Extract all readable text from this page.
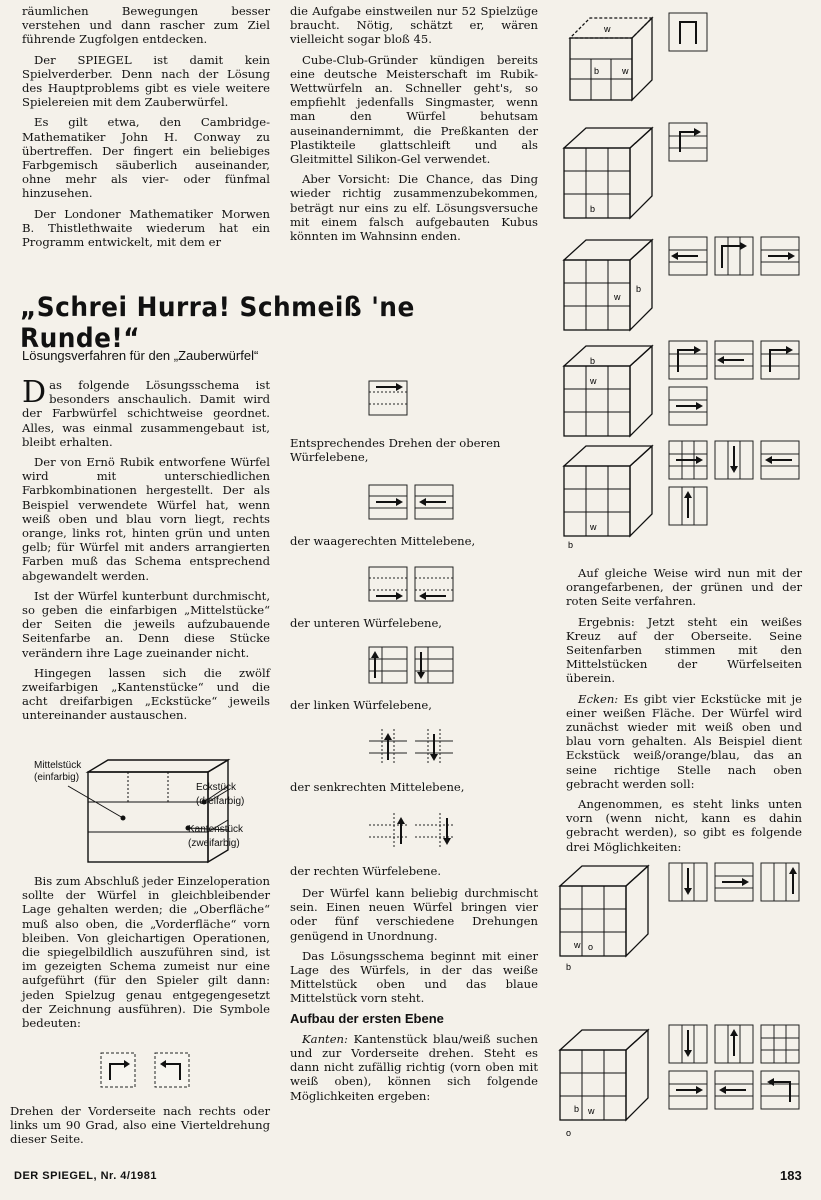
räumlichen Bewegungen besser verstehen und dann rascher zum Ziel führende Zugfolgen entdecken.

Der SPIEGEL ist damit kein Spielverderber. Denn nach der Lösung des Hauptproblems gibt es viele weitere Spielereien mit dem Zauberwürfel.

Es gilt etwa, den Cambridge-Mathematiker John H. Conway zu übertreffen. Der fingert ein beliebiges Farbgemisch säuberlich auseinander, ohne mehr als vier- oder fünfmal hinzusehen.

Der Londoner Mathematiker Morwen B. Thistlethwaite wiederum hat ein Programm entwickelt, mit dem er

die Aufgabe einstweilen nur 52 Spielzüge braucht. Nötig, schätzt er, wären vielleicht sogar bloß 45.

Cube-Club-Gründer kündigen bereits eine deutsche Meisterschaft im Rubik-Wettwürfeln an. Schneller geht's, so empfiehlt jedenfalls Singmaster, wenn man den Würfel behutsam auseinandernimmt, die Preßkanten der Plastikteile glattschleift und als Gleitmittel Silikon-Gel verwendet.

Aber Vorsicht: Die Chance, das Ding wieder richtig zusammenzubekommen, beträgt nur eins zu elf. Lösungsversuche mit einem falsch aufgebauten Kubus könnten im Wahnsinn enden.

„Schrei Hurra! Schmeiß 'ne Runde!“
Lösungsverfahren für den „Zauberwürfel“

Das folgende Lösungsschema ist besonders anschaulich. Damit wird der Farbwürfel schichtweise geordnet. Alles, was einmal zusammengebaut ist, bleibt erhalten.

Der von Ernö Rubik entworfene Würfel wird mit unterschiedlichen Farbkombinationen hergestellt. Der als Beispiel verwendete Würfel hat, wenn weiß oben und blau vorn liegt, rechts orange, links rot, hinten grün und unten gelb; für Würfel mit anders arrangierten Farben muß das Schema entsprechend abgewandelt werden.

Ist der Würfel kunterbunt durchmischt, so geben die einfarbigen „Mittelstücke“ der Seiten die jeweils aufzubauende Seitenfarbe an. Denn diese Stücke verändern ihre Lage zueinander nicht.

Hingegen lassen sich die zwölf zweifarbigen „Kantenstücke“ und die acht dreifarbigen „Eckstücke“ jeweils untereinander austauschen.

Mittelstück
(einfarbig)
Eckstück
(dreifarbig)
Kantenstück
(zweifarbig)

Bis zum Abschluß jeder Einzeloperation sollte der Würfel in gleichbleibender Lage gehalten werden; die „Oberfläche“ muß also oben, die „Vorderfläche“ vorn bleiben. Von gleichartigen Operationen, die spiegelbildlich auszuführen sind, ist im gezeigten Schema zumeist nur eine aufgeführt (für den Spieler gilt dann: jeden Spielzug genau entgegengesetzt der Zeichnung ausführen). Die Symbole bedeuten:

Drehen der Vorderseite nach rechts oder links um 90 Grad, also eine Vierteldrehung dieser Seite.

Entsprechendes Drehen der oberen Würfelebene,
der waagerechten Mittelebene,
der unteren Würfelebene,
der linken Würfelebene,
der senkrechten Mittelebene,
der rechten Würfelebene.

Der Würfel kann beliebig durchmischt sein. Einen neuen Würfel bringen vier oder fünf verschiedene Drehungen genügend in Unordnung.

Das Lösungsschema beginnt mit einer Lage des Würfels, in der das weiße Mittelstück oben und das blaue Mittelstück vorn steht.

Aufbau der ersten Ebene

Kanten: Kantenstück blau/weiß suchen und zur Vorderseite drehen. Steht es dann nicht zufällig richtig (vorn oben mit weiß oben), können sich folgende Möglichkeiten ergeben:

b	w
w
b
w
b
b
w
w
b

Auf gleiche Weise wird nun mit der orangefarbenen, der grünen und der roten Seite verfahren.

Ergebnis: Jetzt steht ein weißes Kreuz auf der Oberseite. Seine Seitenfarben stimmen mit den Mittelstücken der Würfelseiten überein.

Ecken: Es gibt vier Eckstücke mit je einer weißen Fläche. Der Würfel wird zunächst wieder mit weiß oben und blau vorn gehalten. Als Beispiel dient Eckstück weiß/orange/blau, das an seine richtige Stelle nach oben gebracht werden soll:

Angenommen, es steht links unten vorn (wenn nicht, kann es dahin gebracht werden), so gibt es folgende drei Möglichkeiten:

w o
b
b w
o
DER SPIEGEL, Nr. 4/1981	183
